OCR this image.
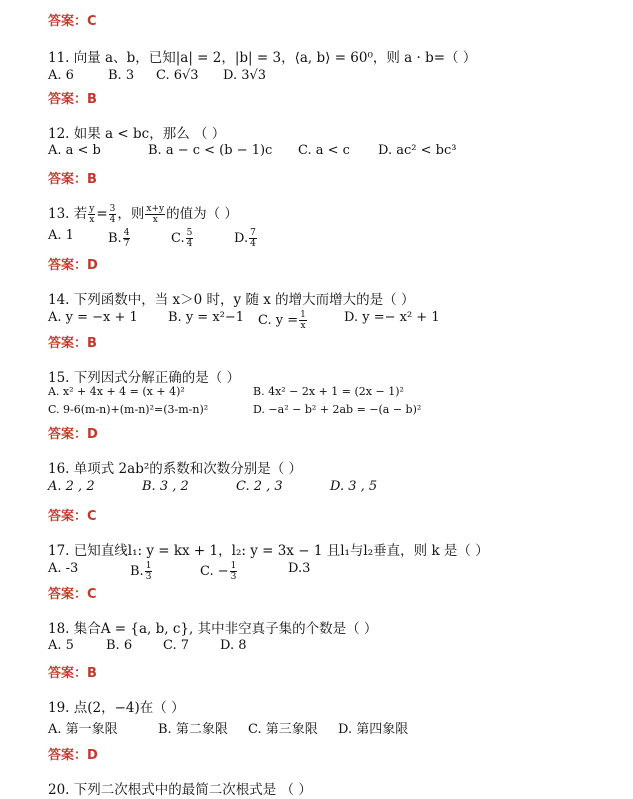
答案：C
11. 向量 a、b，已知|a| = 2，|b| = 3，⟨a, b⟩ = 60⁰，则 a · b=（ ）
A. 6	B. 3 C. 6√3 D. 3√3
答案：B
12. 如果 a < bc，那么 （ ）
A. a < b	B. a − c < (b − 1)c C. a < c D. ac² < bc³
答案：B
13. 若 $\frac{y}{x} = \frac{3}{4}$ ，则 $\frac{x+y}{x}$ 的值为（ ）
A. 1	B. $\frac{4}{7}$	C. $\frac{5}{4}$	D. $\frac{7}{4}$
答案：D
14. 下列函数中，当 x＞0 时，y 随 x 的增大而增大的是（ ）
A. y = −x + 1 B. y = x²−1 C. $y = \frac{1}{x}$	D. y =− x² + 1
答案：B
15. 下列因式分解正确的是（ ）
A. x² + 4x + 4 = (x + 4)²	B. 4x² − 2x + 1 = (2x − 1)²
C. 9-6(m-n)+(m-n)²=(3-m-n)²	D. −a² − b² + 2ab = −(a − b)²
答案：D
16. 单项式 2ab²的系数和次数分别是（ ）
A. 2 , 2	B. 3 , 2	C. 2 , 3	D. 3 , 5
答案：C
17. 已知直线l₁: y = kx + 1，l₂: y = 3x − 1 且l₁与l₂垂直，则 k 是（ ）
A. -3	B. $\frac{1}{3}$	C. − $\frac{1}{3}$	D.3
答案：C
18. 集合A = {a, b, c}, 其中非空真子集的个数是（ ）
A. 5 B. 6 C. 7 D. 8
答案：B
19. 点(2，−4)在（ ）
A. 第一象限	B. 第二象限 C. 第三象限 D. 第四象限
答案：D
20. 下列二次根式中的最简二次根式是 （ ）
